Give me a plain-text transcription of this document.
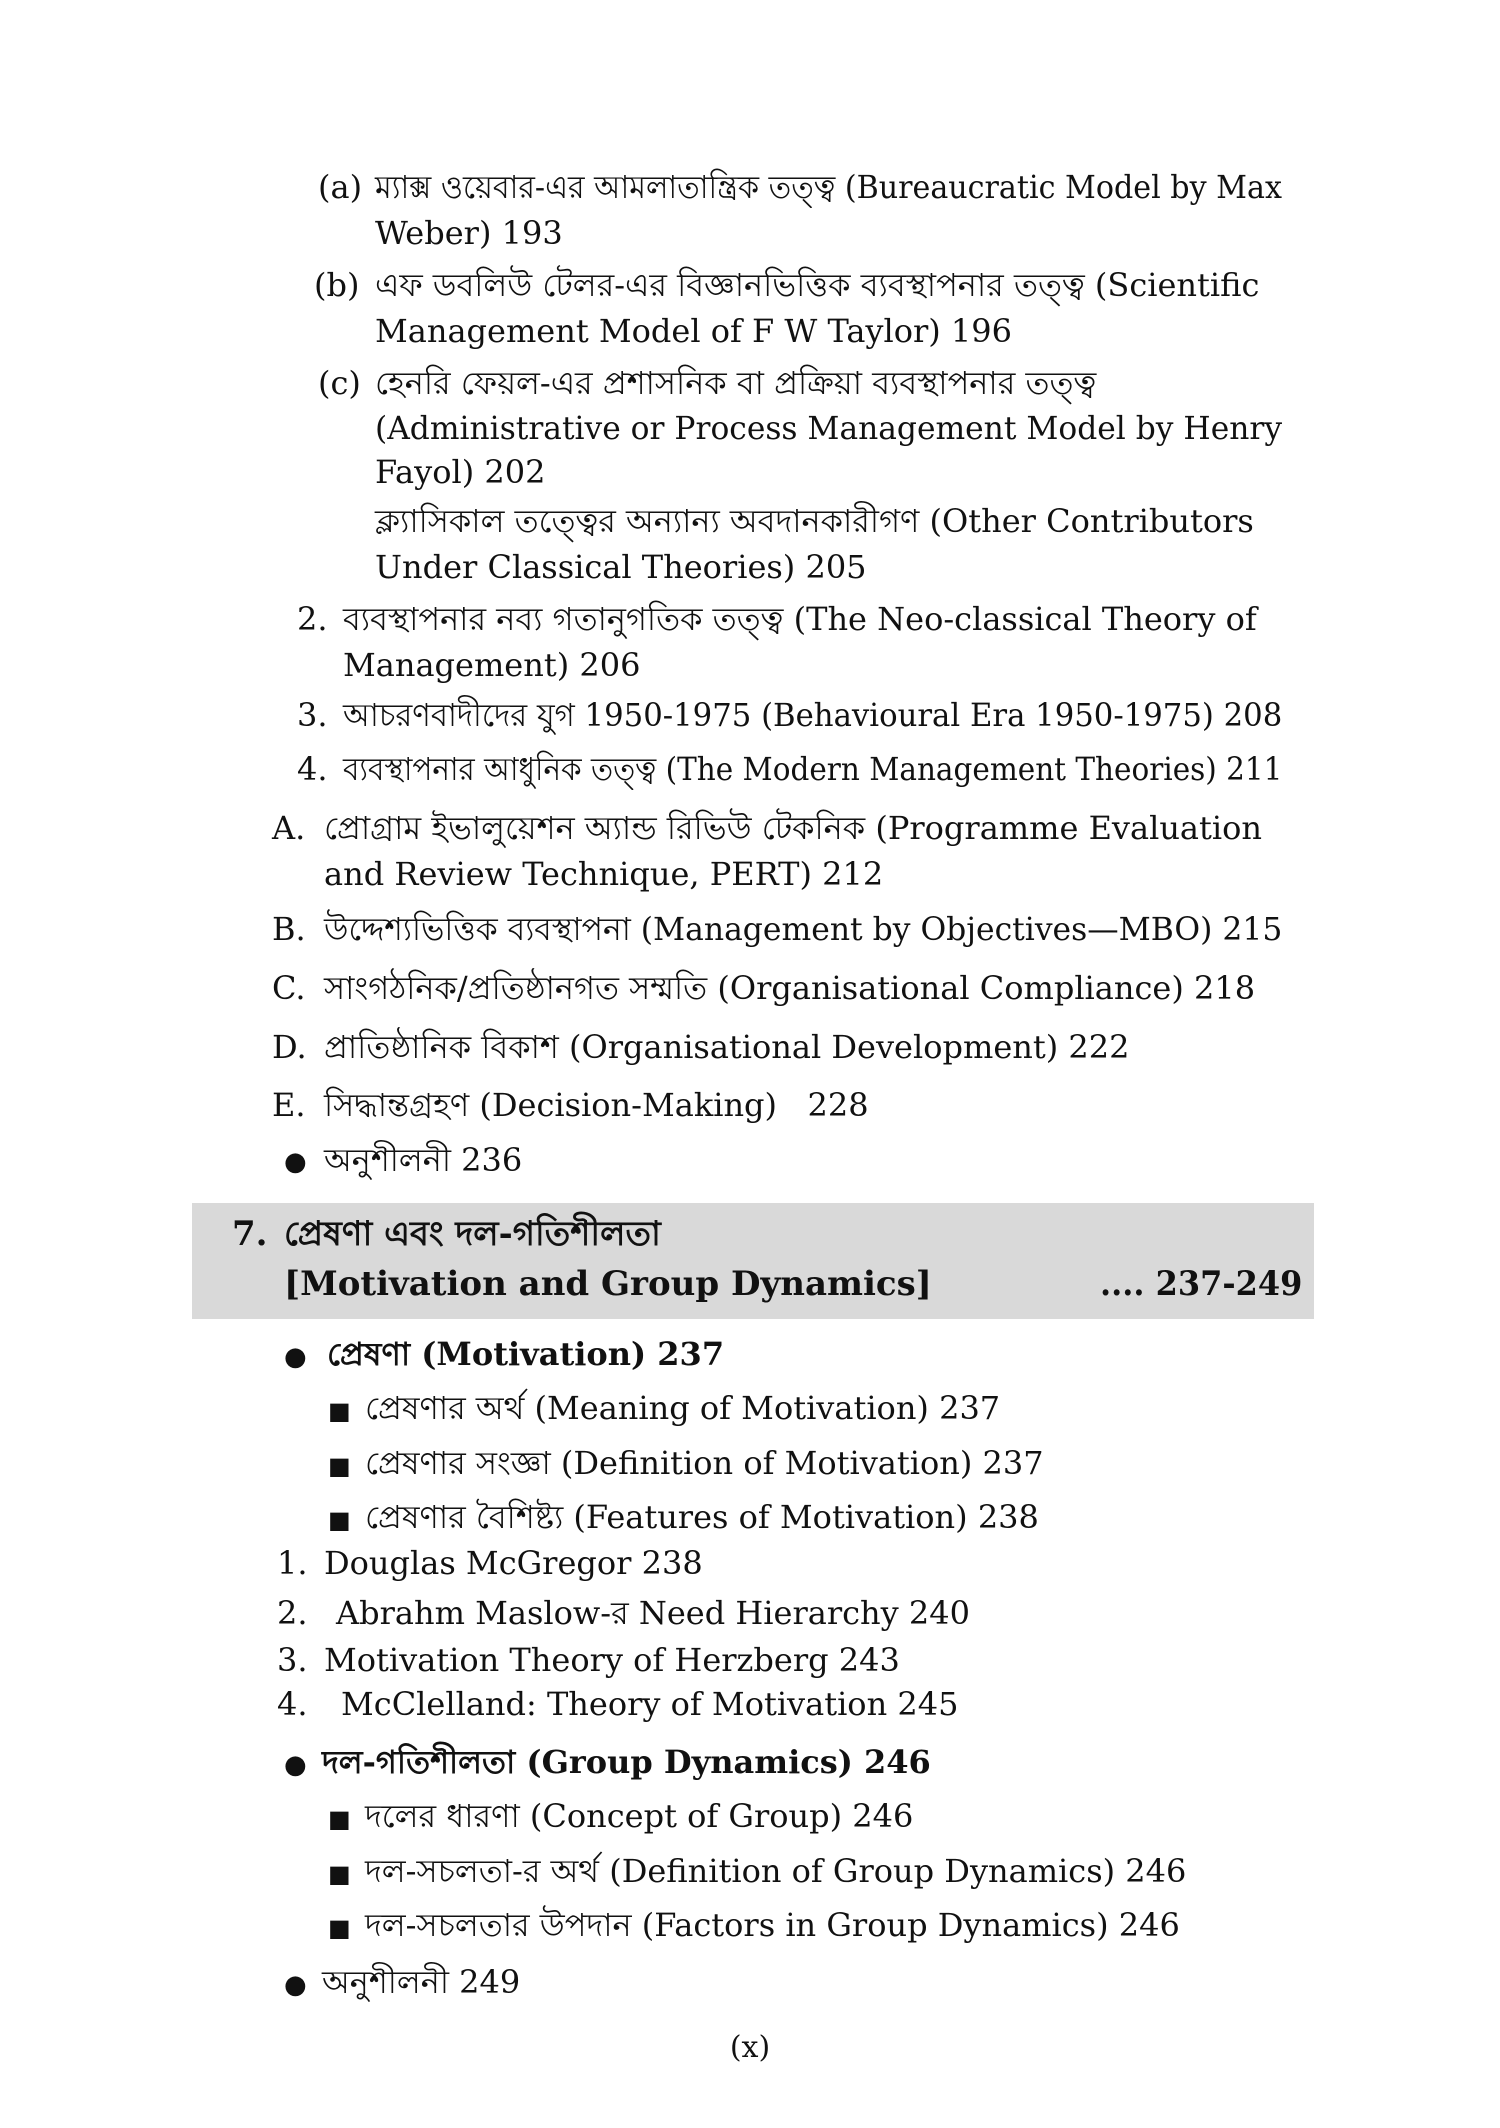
(a) ম্যাক্স ওয়েবার-এর আমলাতান্ত্রিক তত্ত্ব (Bureaucratic Model by Max
Weber) 193
(b) এফ ডবলিউ টেলর-এর বিজ্ঞানভিত্তিক ব্যবস্থাপনার তত্ত্ব (Scientific
Management Model of F W Taylor) 196
(c) হেনরি ফেয়ল-এর প্রশাসনিক বা প্রক্রিয়া ব্যবস্থাপনার তত্ত্ব
(Administrative or Process Management Model by Henry
Fayol) 202
ক্ল্যাসিকাল তত্ত্বের অন্যান্য অবদানকারীগণ (Other Contributors
Under Classical Theories) 205
2. ব্যবস্থাপনার নব্য গতানুগতিক তত্ত্ব (The Neo-classical Theory of
Management) 206
3. আচরণবাদীদের যুগ 1950-1975 (Behavioural Era 1950-1975) 208
4. ব্যবস্থাপনার আধুনিক তত্ত্ব (The Modern Management Theories) 211
A. প্রোগ্রাম ইভালুয়েশন অ্যান্ড রিভিউ টেকনিক (Programme Evaluation
and Review Technique, PERT) 212
B. উদ্দেশ্যভিত্তিক ব্যবস্থাপনা (Management by Objectives—MBO) 215
C. সাংগঠনিক/প্রতিষ্ঠানগত সম্মতি (Organisational Compliance) 218
D. প্রাতিষ্ঠানিক বিকাশ (Organisational Development) 222
E. সিদ্ধান্তগ্রহণ (Decision-Making)   228
● অনুশীলনী 236
7. প্রেষণা এবং দল-গতিশীলতা
[Motivation and Group Dynamics]	.... 237-249
● প্রেষণা (Motivation) 237
■ প্রেষণার অর্থ (Meaning of Motivation) 237
■ প্রেষণার সংজ্ঞা (Definition of Motivation) 237
■ প্রেষণার বৈশিষ্ট্য (Features of Motivation) 238
1. Douglas McGregor 238
2. Abrahm Maslow-র Need Hierarchy 240
3. Motivation Theory of Herzberg 243
4. McClelland: Theory of Motivation 245
● দল-গতিশীলতা (Group Dynamics) 246
■ দলের ধারণা (Concept of Group) 246
■ দল-সচলতা-র অর্থ (Definition of Group Dynamics) 246
■ দল-সচলতার উপদান (Factors in Group Dynamics) 246
● অনুশীলনী 249
(x)
